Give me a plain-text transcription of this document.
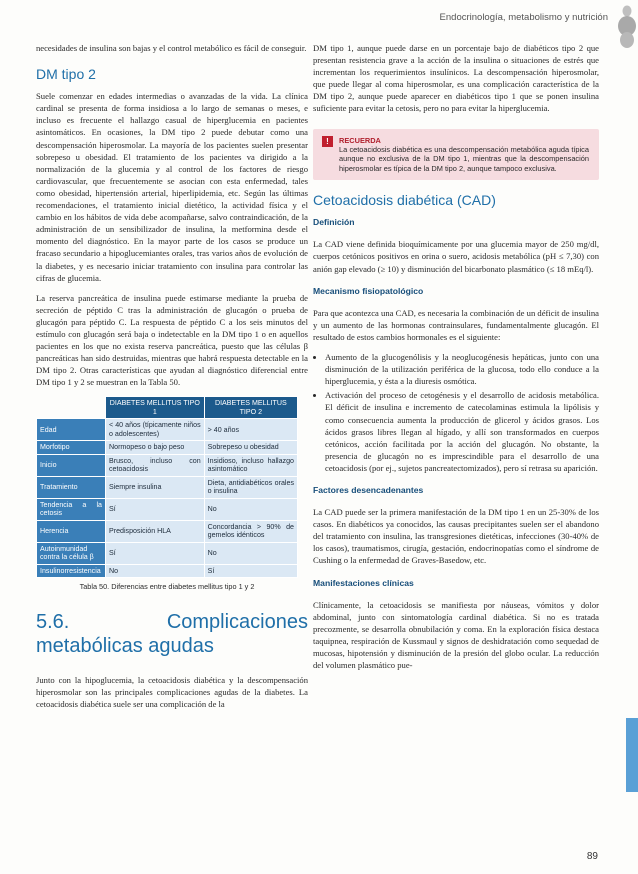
Endocrinología, metabolismo y nutrición

necesidades de insulina son bajas y el control metabólico es fácil de conseguir.

DM tipo 2

Suele comenzar en edades intermedias o avanzadas de la vida. La clínica cardinal se presenta de forma insidiosa a lo largo de semanas o meses, e incluso es frecuente el hallazgo casual de hiperglucemia en pacientes asintomáticos. En ocasiones, la DM tipo 2 puede debutar como una descompensación hiperosmolar. La mayoría de los pacientes suelen presentar sobrepeso u obesidad. El tratamiento de los pacientes va dirigido a la normalización de la glucemia y al control de los factores de riesgo cardiovascular, que frecuentemente se asocian con esta enfermedad, tales como obesidad, hipertensión arterial, hiperlipidemia, etc. Según las últimas recomendaciones, el tratamiento inicial dietético, la actividad física y el cambio en los hábitos de vida debe acompañarse, salvo contraindicación, de la administración de un sensibilizador de insulina, la metformina desde el momento del diagnóstico. En la mayor parte de los casos se produce un fracaso secundario a hipoglucemiantes orales, tras varios años de evolución de la diabetes, y es necesario iniciar tratamiento con insulina para controlar las cifras de glucemia.

La reserva pancreática de insulina puede estimarse mediante la prueba de secreción de péptido C tras la administración de glucagón o prueba de glucagón para péptido C. La respuesta de péptido C a los seis minutos del estímulo con glucagón será baja o indetectable en la DM tipo 1 o en aquellos pacientes en los que no exista reserva pancreática, puesto que las células β pancreáticas han sido destruidas, mientras que habrá respuesta detectable en la DM tipo 2. Otras características que ayudan al diagnóstico diferencial entre DM tipo 1 y 2 se muestran en la Tabla 50.

	DIABETES MELLITUS TIPO 1	DIABETES MELLITUS TIPO 2
Edad	< 40 años (típicamente niños o adolescentes)	> 40 años
Morfotipo	Normopeso o bajo peso	Sobrepeso u obesidad
Inicio	Brusco, incluso con cetoacidosis	Insidioso, incluso hallazgo asintomático
Tratamiento	Siempre insulina	Dieta, antidiabéticos orales o insulina
Tendencia a la cetosis	Sí	No
Herencia	Predisposición HLA	Concordancia > 90% de gemelos idénticos
Autoinmunidad contra la célula β	Sí	No
Insulinorresistencia	No	Sí
Tabla 50. Diferencias entre diabetes mellitus tipo 1 y 2
5.6. Complicaciones metabólicas agudas

Junto con la hipoglucemia, la cetoacidosis diabética y la descompensación hiperosmolar son las principales complicaciones agudas de la diabetes. La cetoacidosis diabética suele ser una complicación de la

DM tipo 1, aunque puede darse en un porcentaje bajo de diabéticos tipo 2 que presentan resistencia grave a la acción de la insulina o situaciones de estrés que incrementan los requerimientos insulínicos. La descompensación hiperosmolar, que puede llegar al coma hiperosmolar, es una complicación característica de la DM tipo 2, aunque puede aparecer en diabéticos tipo 1 que se ponen insulina suficiente para evitar la cetosis, pero no para evitar la hiperglucemia.

!	RECUERDA
La cetoacidosis diabética es una descompensación metabólica aguda típica aunque no exclusiva de la DM tipo 1, mientras que la descompensación hiperosmolar es típica de la DM tipo 2, aunque tampoco exclusiva.
Cetoacidosis diabética (CAD)
Definición

La CAD viene definida bioquímicamente por una glucemia mayor de 250 mg/dl, cuerpos cetónicos positivos en orina o suero, acidosis metabólica (pH ≤ 7,30) con anión gap elevado (≥ 10) y disminución del bicarbonato plasmático (≤ 18 mEq/l).

Mecanismo fisiopatológico

Para que acontezca una CAD, es necesaria la combinación de un déficit de insulina y un aumento de las hormonas contrainsulares, fundamentalmente glucagón. El resultado de estos cambios hormonales es el siguiente:

• Aumento de la glucogenólisis y la neoglucogénesis hepáticas, junto con una disminución de la utilización periférica de la glucosa, todo ello conduce a la hiperglucemia, y ésta a la diuresis osmótica.
• Activación del proceso de cetogénesis y el desarrollo de acidosis metabólica. El déficit de insulina e incremento de catecolaminas estimula la lipólisis y como consecuencia aumenta la producción de glicerol y ácidos grasos. Los ácidos grasos libres llegan al hígado, y allí son transformados en cuerpos cetónicos, acción facilitada por la acción del glucagón. No obstante, la presencia de glucagón no es imprescindible para el desarrollo de una cetoacidosis (por ej., sujetos pancreatectomizados), pero sí retrasa su aparición.
Factores desencadenantes

La CAD puede ser la primera manifestación de la DM tipo 1 en un 25-30% de los casos. En diabéticos ya conocidos, las causas precipitantes suelen ser el abandono del tratamiento con insulina, las transgresiones dietéticas, infecciones (30-40% de los casos), traumatismos, cirugía, gestación, endocrinopatías como el síndrome de Cushing o la enfermedad de Graves-Basedow, etc.

Manifestaciones clínicas

Clínicamente, la cetoacidosis se manifiesta por náuseas, vómitos y dolor abdominal, junto con sintomatología cardinal diabética. Si no es tratada precozmente, se desarrolla obnubilación y coma. En la exploración física destaca taquipnea, respiración de Kussmaul y signos de deshidratación como sequedad de mucosas, hipotensión y disminución de la presión del globo ocular. La reducción del volumen plasmático pue-

89
